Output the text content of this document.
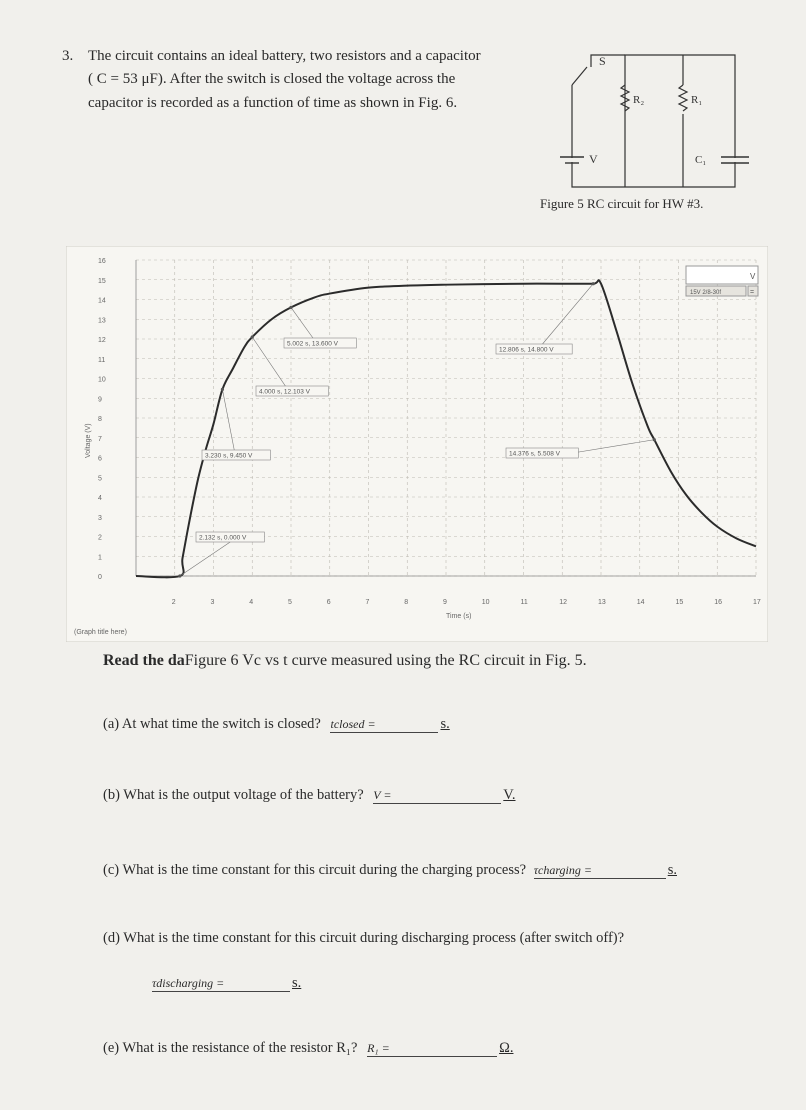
3. The circuit contains an ideal battery, two resistors and a capacitor
( C = 53 μF). After the switch is closed the voltage across the
capacitor is recorded as a function of time as shown in Fig. 6.
S
R₂	R₁
V	C₁
Figure 5 RC circuit for HW #3.
0
1
2
3
4
5
6
7
8
9
10
11
12
13
14
15
16
2	3	4	5	6	7	8	9	10	11	12	13	14	15	16	17
2.132 s, 0.000 V
3.230 s, 9.450 V
4.000 s, 12.103 V
5.002 s, 13.600 V
12.806 s, 14.800 V
14.376 s, 5.508 V
V
15V 2/8-30f	=
(Graph title here)
Voltage (V)
Time (s)
Read the daFigure 6 Vc vs t curve measured using the RC circuit in Fig. 5.
(a) At what time the switch is closed? tclosed =	s.
(b) What is the output voltage of the battery? V =	V.
(c) What is the time constant for this circuit during the charging process? τcharging =	s.
(d) What is the time constant for this circuit during discharging process (after switch off)?
τdischarging =	s.
(e) What is the resistance of the resistor R₁? R₁ =	Ω.
